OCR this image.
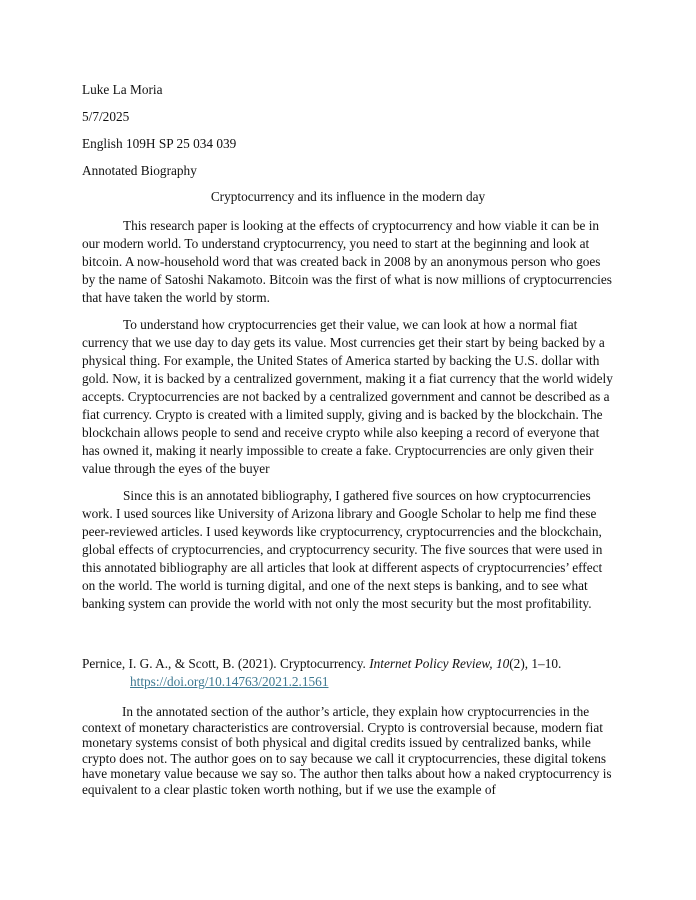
Luke La Moria
5/7/2025
English 109H SP 25 034 039
Annotated Biography
Cryptocurrency and its influence in the modern day

This research paper is looking at the effects of cryptocurrency and how viable it can be in our modern world. To understand cryptocurrency, you need to start at the beginning and look at bitcoin. A now-household word that was created back in 2008 by an anonymous person who goes by the name of Satoshi Nakamoto. Bitcoin was the first of what is now millions of cryptocurrencies that have taken the world by storm.

To understand how cryptocurrencies get their value, we can look at how a normal fiat currency that we use day to day gets its value. Most currencies get their start by being backed by a physical thing. For example, the United States of America started by backing the U.S. dollar with gold. Now, it is backed by a centralized government, making it a fiat currency that the world widely accepts. Cryptocurrencies are not backed by a centralized government and cannot be described as a fiat currency. Crypto is created with a limited supply, giving and is backed by the blockchain. The blockchain allows people to send and receive crypto while also keeping a record of everyone that has owned it, making it nearly impossible to create a fake. Cryptocurrencies are only given their value through the eyes of the buyer

Since this is an annotated bibliography, I gathered five sources on how cryptocurrencies work. I used sources like University of Arizona library and Google Scholar to help me find these peer-reviewed articles. I used keywords like cryptocurrency, cryptocurrencies and the blockchain, global effects of cryptocurrencies, and cryptocurrency security. The five sources that were used in this annotated bibliography are all articles that look at different aspects of cryptocurrencies’ effect on the world. The world is turning digital, and one of the next steps is banking, and to see what banking system can provide the world with not only the most security but the most profitability.

Pernice, I. G. A., & Scott, B. (2021). Cryptocurrency. Internet Policy Review, 10(2), 1–10.
https://doi.org/10.14763/2021.2.1561

In the annotated section of the author’s article, they explain how cryptocurrencies in the context of monetary characteristics are controversial. Crypto is controversial because, modern fiat monetary systems consist of both physical and digital credits issued by centralized banks, while crypto does not. The author goes on to say because we call it cryptocurrencies, these digital tokens have monetary value because we say so. The author then talks about how a naked cryptocurrency is equivalent to a clear plastic token worth nothing, but if we use the example of
